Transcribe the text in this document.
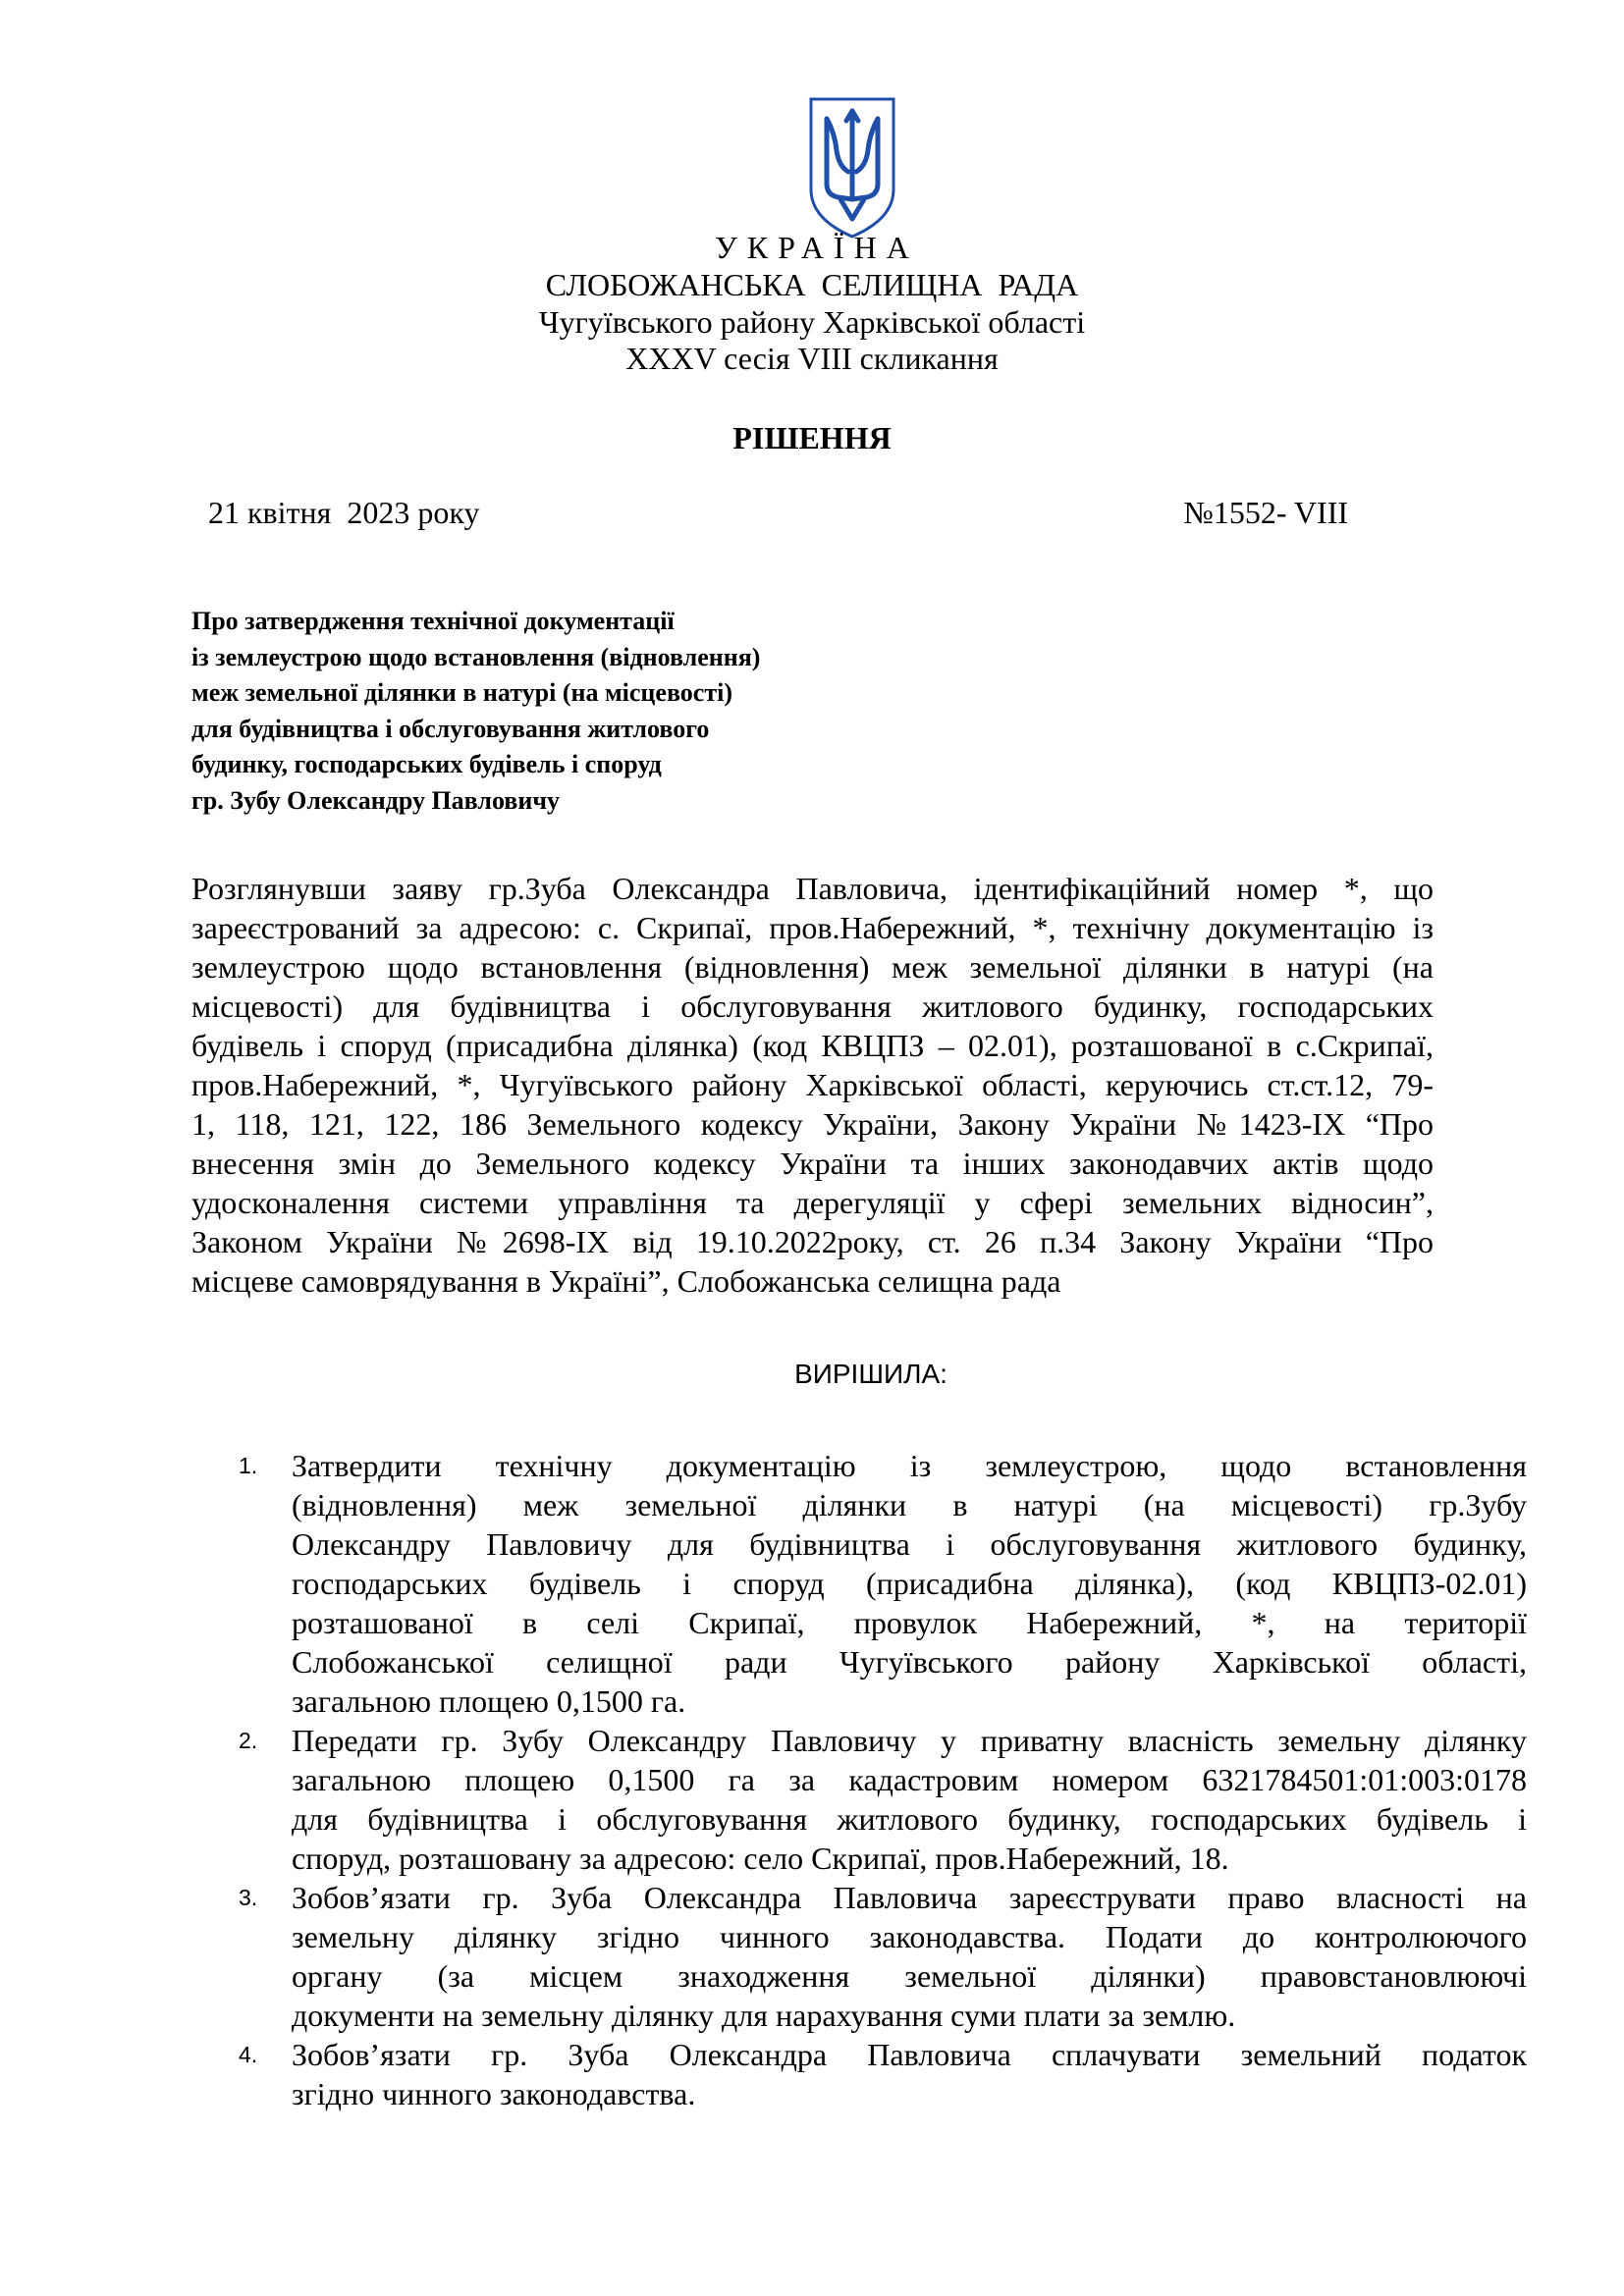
УКРАЇНА
СЛОБОЖАНСЬКА СЕЛИЩНА РАДА
Чугуївського району Харківської області
XXXV сесія VIII скликання
РІШЕННЯ
21 квітня  2023 року	№1552- VIII
Про затвердження технічної документації
із землеустрою щодо встановлення (відновлення)
меж земельної ділянки в натурі (на місцевості)
для будівництва і обслуговування житлового
будинку, господарських будівель і споруд
гр. Зубу Олександру Павловичу
Розглянувши заяву гр.Зуба Олександра Павловича, ідентифікаційний номер *, що
зареєстрований за адресою: с. Скрипаї, пров.Набережний, *, технічну документацію із
землеустрою щодо встановлення (відновлення) меж земельної ділянки в натурі (на
місцевості) для будівництва і обслуговування житлового будинку, господарських
будівель і споруд (присадибна ділянка) (код КВЦПЗ – 02.01), розташованої в с.Скрипаї,
пров.Набережний, *, Чугуївського району Харківської області, керуючись ст.ст.12, 79-
1, 118, 121, 122, 186 Земельного кодексу України, Закону України №1423-IX “Про
внесення змін до Земельного кодексу України та інших законодавчих актів щодо
удосконалення системи управління та дерегуляції у сфері земельних відносин”,
Законом України №2698-IX від 19.10.2022року, ст. 26 п.34 Закону України “Про
місцеве самоврядування в Україні”, Слобожанська селищна рада
ВИРІШИЛА:
1. Затвердити технічну документацію із землеустрою, щодо встановлення
(відновлення) меж земельної ділянки в натурі (на місцевості) гр.Зубу
Олександру Павловичу для будівництва і обслуговування житлового будинку,
господарських будівель і споруд (присадибна ділянка), (код КВЦПЗ-02.01)
розташованої в селі Скрипаї, провулок Набережний, *, на території
Слобожанської селищної ради Чугуївського району Харківської області,
загальною площею 0,1500 га.
2. Передати гр. Зубу Олександру Павловичу у приватну власність земельну ділянку
загальною площею 0,1500 га за кадастровим номером 6321784501:01:003:0178
для будівництва і обслуговування житлового будинку, господарських будівель і
споруд, розташовану за адресою: село Скрипаї, пров.Набережний, 18.
3. Зобов’язати гр. Зуба Олександра Павловича зареєструвати право власності на
земельну ділянку згідно чинного законодавства. Подати до контролюючого
органу (за місцем знаходження земельної ділянки) правовстановлюючі
документи на земельну ділянку для нарахування суми плати за землю.
4. Зобов’язати гр. Зуба Олександра Павловича сплачувати земельний податок
згідно чинного законодавства.
